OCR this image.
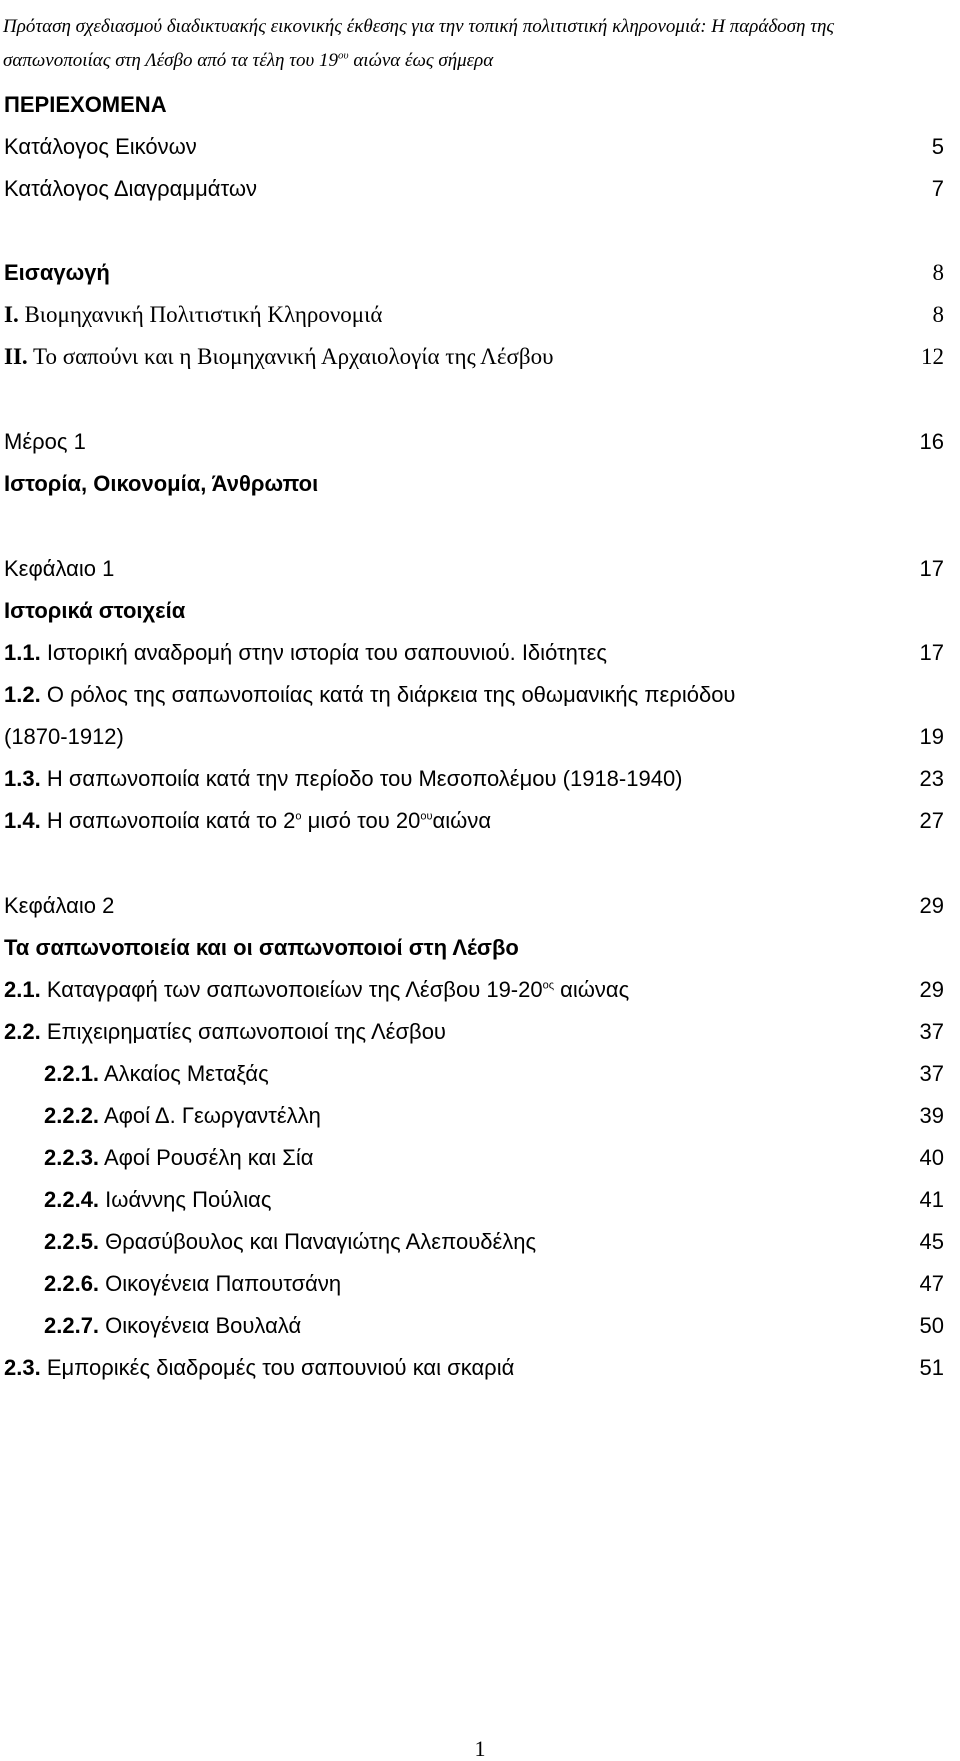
Πρόταση σχεδιασμού διαδικτυακής εικονικής έκθεσης για την τοπική πολιτιστική κληρονομιά: Η παράδοση της
σαπωνοποιίας στη Λέσβο από τα τέλη του $19^{o\upsilon}$ αιώνα έως σήμερα
ΠΕΡΙΕΧΟΜΕΝΑ
Κατάλογος Εικόνων	5
Κατάλογος Διαγραμμάτων	7
Εισαγωγή	8
Ι. Βιομηχανική Πολιτιστική Κληρονομιά	8
ΙΙ. Το σαπούνι και η Βιομηχανική Αρχαιολογία της Λέσβου	12
Μέρος 1	16
Ιστορία, Οικονομία, Άνθρωποι
Κεφάλαιο 1	17
Ιστορικά στοιχεία
1.1. Ιστορική αναδρομή στην ιστορία του σαπουνιού. Ιδιότητες	17
1.2. Ο ρόλος της σαπωνοποιίας κατά τη διάρκεια της οθωμανικής περιόδου
(1870-1912)	19
1.3. Η σαπωνοποιία κατά την περίοδο του Μεσοπολέμου (1918-1940)	23
1.4. Η σαπωνοποιία κατά το $2^o$ μισό του $20^{o\upsilon}\alpha\iota ώ\nu\alpha$	27
Κεφάλαιο 2	29
Τα σαπωνοποιεία και οι σαπωνοποιοί στη Λέσβο
2.1. Καταγραφή των σαπωνοποιείων της Λέσβου $19-20^{o\varsigma}$ αιώνας	29
2.2. Επιχειρηματίες σαπωνοποιοί της Λέσβου	37
2.2.1. Αλκαίος Μεταξάς	37
2.2.2. Αφοί Δ. Γεωργαντέλλη	39
2.2.3. Αφοί Ρουσέλη και Σία	40
2.2.4. Ιωάννης Πούλιας	41
2.2.5. Θρασύβουλος και Παναγιώτης Αλεπουδέλης	45
2.2.6. Οικογένεια Παπουτσάνη	47
2.2.7. Οικογένεια Βουλαλά	50
2.3. Εμπορικές διαδρομές του σαπουνιού και σκαριά	51
1
